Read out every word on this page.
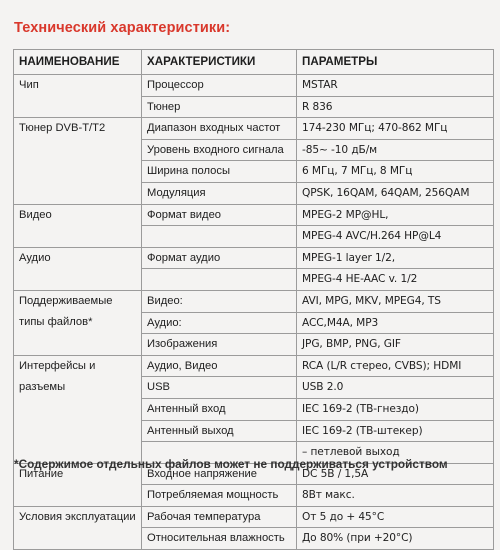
Технический характеристики:
НАИМЕНОВАНИЕ	ХАРАКТЕРИСТИКИ	ПАРАМЕТРЫ
Чип	Процессор	MSTAR
	Тюнер	R 836
Тюнер DVB-T/T2	Диапазон входных частот	174-230 МГц; 470-862 МГц
	Уровень входного сигнала	-85~ -10 дБ/м
	Ширина полосы	6 МГц, 7 МГц, 8 МГц
	Модуляция	QPSK, 16QAM, 64QAM, 256QAM
Видео	Формат видео	MPEG-2 MP@HL,
		MPEG-4 AVC/H.264 HP@L4
Аудио	Формат аудио	MPEG-1 layer 1/2,
		MPEG-4 HE-AAC v. 1/2
Поддерживаемые типы файлов*	Видео:	AVI, MPG, MKV, MPEG4, TS
	Аудио:	ACC,M4A, MP3
	Изображения	JPG, BMP, PNG, GIF
Интерфейсы и разъемы	Аудио, Видео	RCA (L/R стерео, CVBS); HDMI
	USB	USB 2.0
	Антенный вход	IEC 169-2 (ТВ-гнездо)
	Антенный выход	IEC 169-2 (ТВ-штекер)
		– петлевой выход
Питание	Входное напряжение	DC 5В / 1,5А
	Потребляемая мощность	8Вт макс.
Условия эксплуатации	Рабочая температура	От 5 до + 45°C
	Относительная влажность	До 80% (при +20°C)
*Содержимое отдельных файлов может не поддерживаться устройством
